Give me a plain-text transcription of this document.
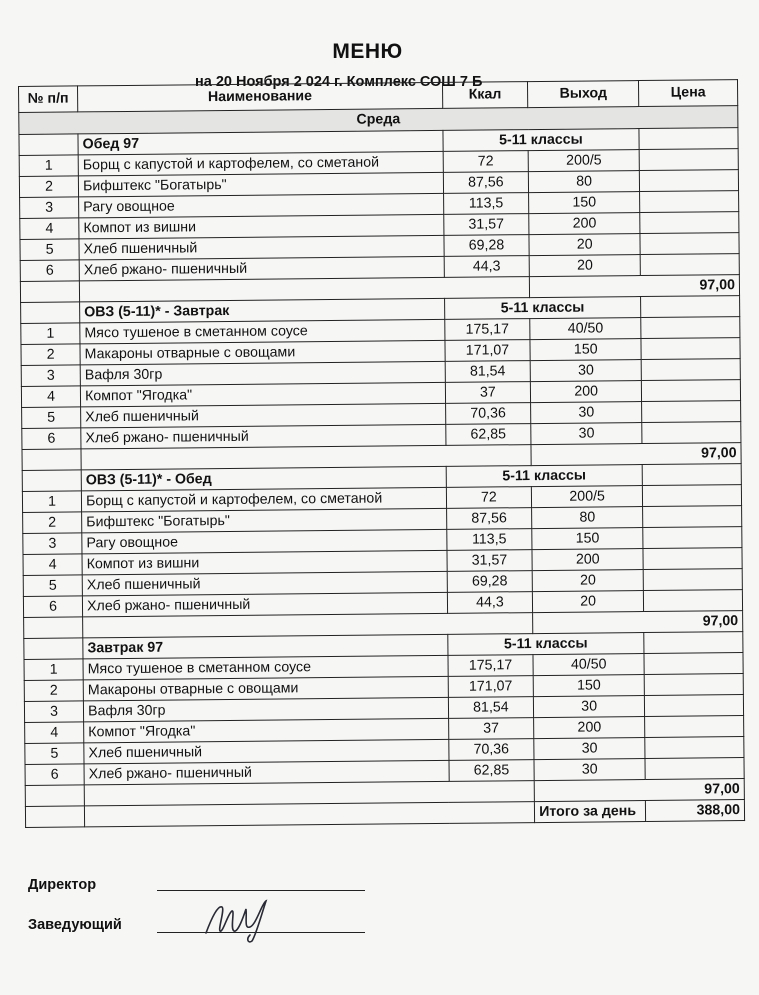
МЕНЮ
на 20 Ноября 2 024 г. Комплекс СОШ 7 Б
№ п/п	Наименование	Ккал	Выход	Цена
Среда				
	Обед 97	5-11 классы		
1	Борщ с капустой и картофелем, со сметаной	72	200/5	
2	Бифштекс "Богатырь"	87,56	80	
3	Рагу овощное	113,5	150	
4	Компот из вишни	31,57	200	
5	Хлеб пшеничный	69,28	20	
6	Хлеб ржано- пшеничный	44,3	20	
			97,00	
	ОВЗ (5-11)* - Завтрак	5-11 классы		
1	Мясо тушеное в сметанном соусе	175,17	40/50	
2	Макароны отварные с овощами	171,07	150	
3	Вафля 30гр	81,54	30	
4	Компот "Ягодка"	37	200	
5	Хлеб пшеничный	70,36	30	
6	Хлеб ржано- пшеничный	62,85	30	
			97,00	
	ОВЗ (5-11)* - Обед	5-11 классы		
1	Борщ с капустой и картофелем, со сметаной	72	200/5	
2	Бифштекс "Богатырь"	87,56	80	
3	Рагу овощное	113,5	150	
4	Компот из вишни	31,57	200	
5	Хлеб пшеничный	69,28	20	
6	Хлеб ржано- пшеничный	44,3	20	
			97,00	
	Завтрак 97	5-11 классы		
1	Мясо тушеное в сметанном соусе	175,17	40/50	
2	Макароны отварные с овощами	171,07	150	
3	Вафля 30гр	81,54	30	
4	Компот "Ягодка"	37	200	
5	Хлеб пшеничный	70,36	30	
6	Хлеб ржано- пшеничный	62,85	30	
			97,00	
			Итого за день	388,00
Директор
Заведующий
